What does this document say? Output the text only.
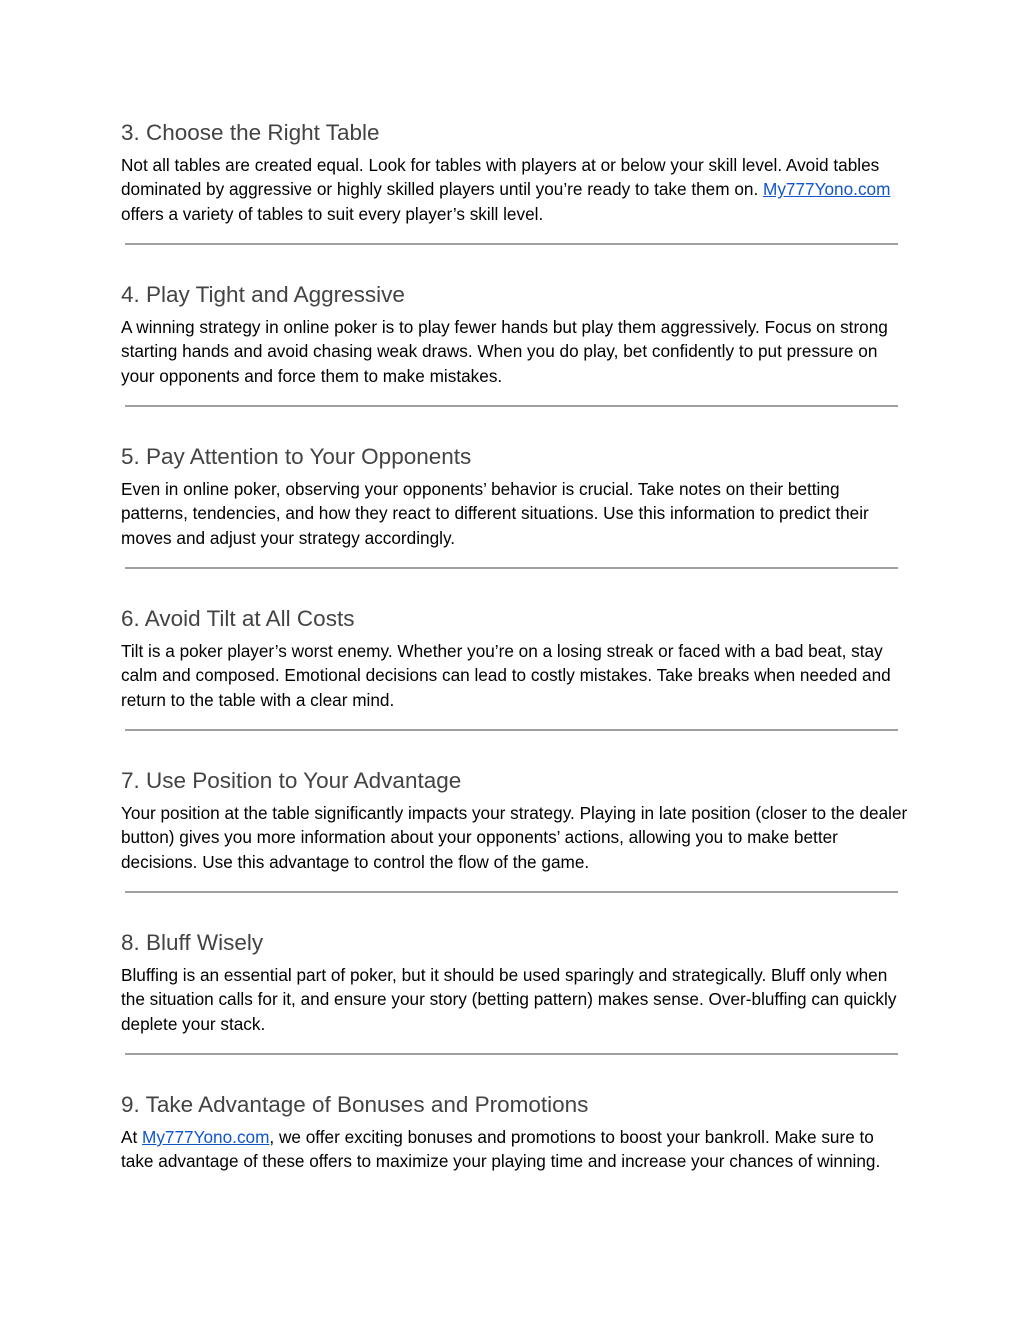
3. Choose the Right Table

Not all tables are created equal. Look for tables with players at or below your skill level. Avoid tables dominated by aggressive or highly skilled players until you’re ready to take them on. My777Yono.com offers a variety of tables to suit every player’s skill level.

4. Play Tight and Aggressive

A winning strategy in online poker is to play fewer hands but play them aggressively. Focus on strong starting hands and avoid chasing weak draws. When you do play, bet confidently to put pressure on your opponents and force them to make mistakes.

5. Pay Attention to Your Opponents

Even in online poker, observing your opponents’ behavior is crucial. Take notes on their betting patterns, tendencies, and how they react to different situations. Use this information to predict their moves and adjust your strategy accordingly.

6. Avoid Tilt at All Costs

Tilt is a poker player’s worst enemy. Whether you’re on a losing streak or faced with a bad beat, stay calm and composed. Emotional decisions can lead to costly mistakes. Take breaks when needed and return to the table with a clear mind.

7. Use Position to Your Advantage

Your position at the table significantly impacts your strategy. Playing in late position (closer to the dealer button) gives you more information about your opponents’ actions, allowing you to make better decisions. Use this advantage to control the flow of the game.

8. Bluff Wisely

Bluffing is an essential part of poker, but it should be used sparingly and strategically. Bluff only when the situation calls for it, and ensure your story (betting pattern) makes sense. Over-bluffing can quickly deplete your stack.

9. Take Advantage of Bonuses and Promotions

At My777Yono.com, we offer exciting bonuses and promotions to boost your bankroll. Make sure to take advantage of these offers to maximize your playing time and increase your chances of winning.
